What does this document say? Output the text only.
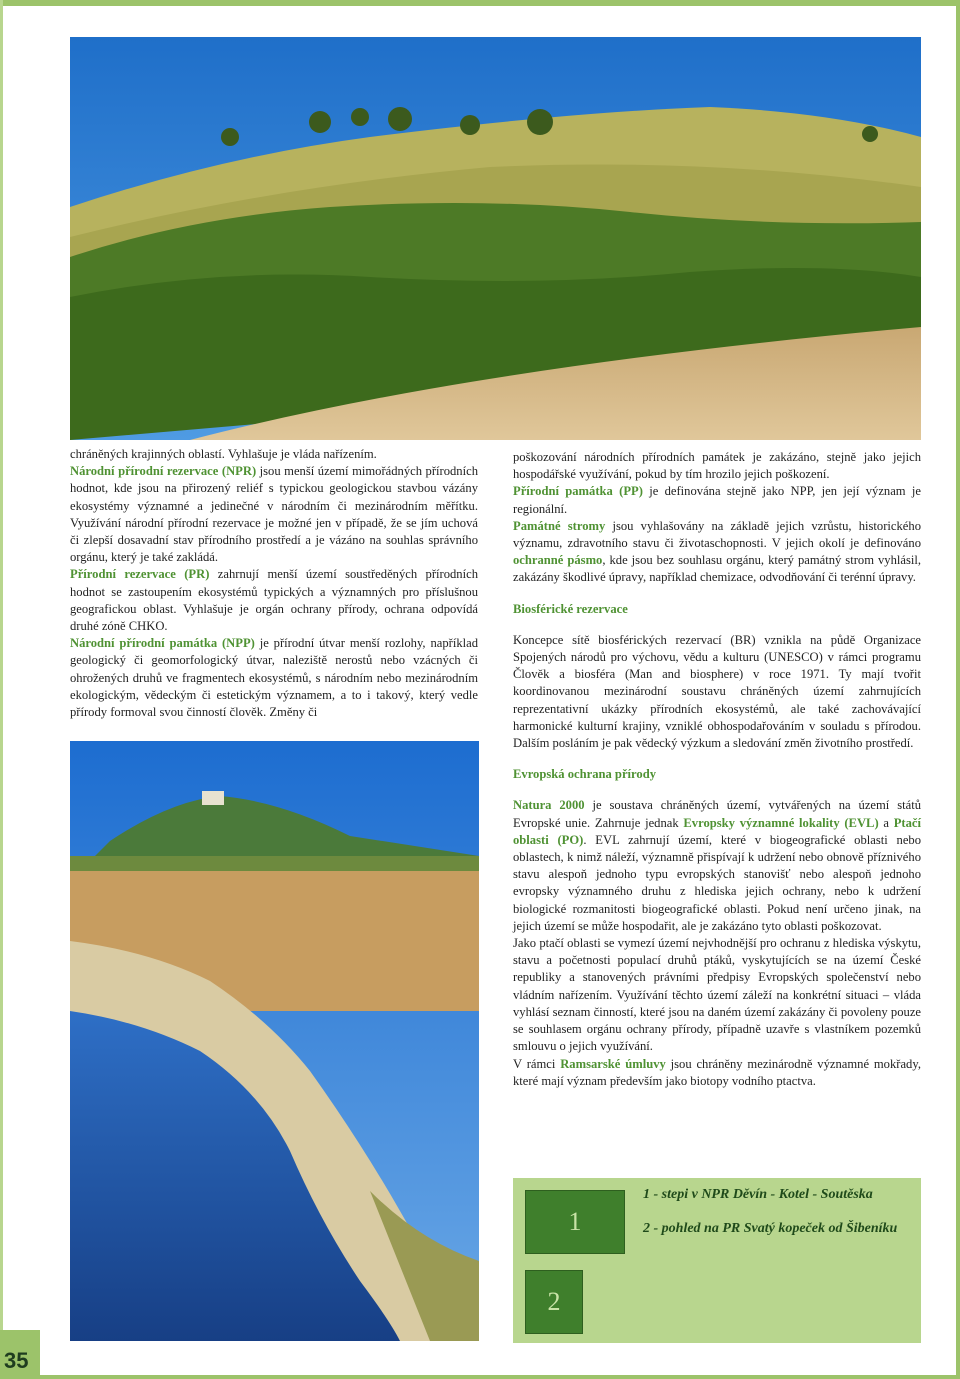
chráněných krajinných oblastí. Vyhlašuje je vláda nařízením.

Národní přírodní rezervace (NPR) jsou menší území mimořádných přírodních hodnot, kde jsou na přirozený reliéf s typickou geologickou stavbou vázány ekosystémy významné a jedinečné v národním či mezinárodním měřítku. Využívání národní přírodní rezervace je možné jen v případě, že se jím uchová či zlepší dosavadní stav přírodního prostředí a je vázáno na souhlas správního orgánu, který je také zakládá.

Přírodní rezervace (PR) zahrnují menší území soustředěných přírodních hodnot se zastoupením ekosystémů typických a významných pro příslušnou geografickou oblast. Vyhlašuje je orgán ochrany přírody, ochrana odpovídá druhé zóně CHKO.

Národní přírodní památka (NPP) je přírodní útvar menší rozlohy, například geologický či geomorfologický útvar, naleziště nerostů nebo vzácných či ohrožených druhů ve fragmentech ekosystémů, s národním nebo mezinárodním ekologickým, vědeckým či estetickým významem, a to i takový, který vedle přírody formoval svou činností člověk. Změny či

poškozování národních přírodních památek je zakázáno, stejně jako jejich hospodářské využívání, pokud by tím hrozilo jejich poškození.

Přírodní památka (PP) je definována stejně jako NPP, jen její význam je regionální.

Památné stromy jsou vyhlašovány na základě jejich vzrůstu, historického významu, zdravotního stavu či životaschopnosti. V jejich okolí je definováno ochranné pásmo, kde jsou bez souhlasu orgánu, který památný strom vyhlásil, zakázány škodlivé úpravy, například chemizace, odvodňování či terénní úpravy.

Biosférické rezervace

Koncepce sítě biosférických rezervací (BR) vznikla na půdě Organizace Spojených národů pro výchovu, vědu a kulturu (UNESCO) v rámci programu Člověk a biosféra (Man and biosphere) v roce 1971. Ty mají tvořit koordinovanou mezinárodní soustavu chráněných území zahrnujících reprezentativní ukázky přírodních ekosystémů, ale také zachovávající harmonické kulturní krajiny, vzniklé obhospodařováním v souladu s přírodou. Dalším posláním je pak vědecký výzkum a sledování změn životního prostředí.

Evropská ochrana přírody

Natura 2000 je soustava chráněných území, vytvářených na území států Evropské unie. Zahrnuje jednak Evropsky významné lokality (EVL) a Ptačí oblasti (PO). EVL zahrnují území, které v biogeografické oblasti nebo oblastech, k nimž náleží, významně přispívají k udržení nebo obnově příznivého stavu alespoň jednoho typu evropských stanovišť nebo alespoň jednoho evropsky významného druhu z hlediska jejich ochrany, nebo k udržení biologické rozmanitosti biogeografické oblasti. Pokud není určeno jinak, na jejich území se může hospodařit, ale je zakázáno tyto oblasti poškozovat.

Jako ptačí oblasti se vymezí území nejvhodnější pro ochranu z hlediska výskytu, stavu a početnosti populací druhů ptáků, vyskytujících se na území České republiky a stanovených právními předpisy Evropských společenství nebo vládním nařízením. Využívání těchto území záleží na konkrétní situaci – vláda vyhlásí seznam činností, které jsou na daném území zakázány či povoleny pouze se souhlasem orgánu ochrany přírody, případně uzavře s vlastníkem pozemků smlouvu o jejich využívání.

V rámci Ramsarské úmluvy jsou chráněny mezinárodně významné mokřady, které mají význam především jako biotopy vodního ptactva.

1
2
1 - stepi v NPR Děvín - Kotel - Soutěska
2 - pohled na PR Svatý kopeček od Šibeníku
35
